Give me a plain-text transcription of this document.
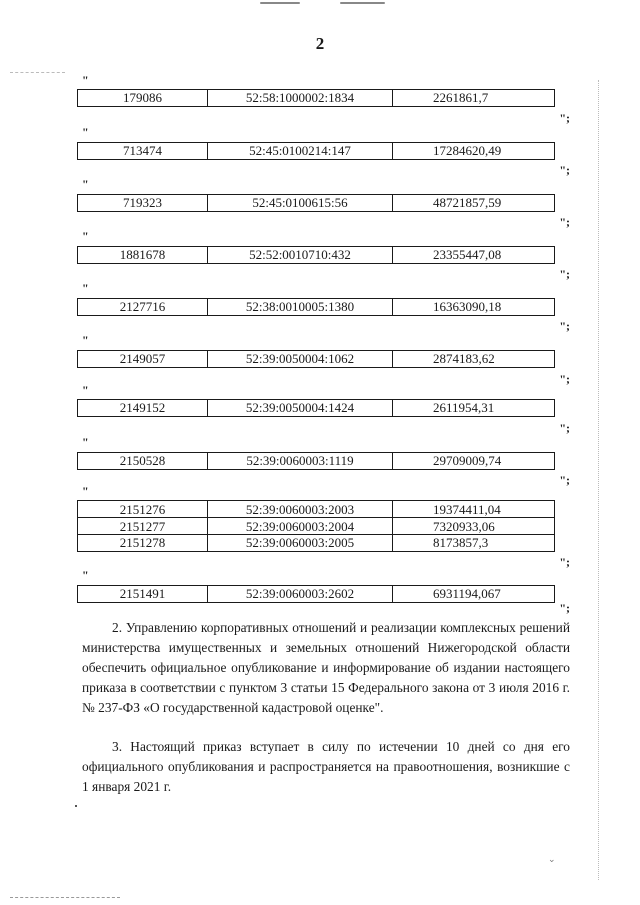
2
"
179086	52:58:1000002:1834	2261861,7
";
"
713474	52:45:0100214:147	17284620,49
";
"
719323	52:45:0100615:56	48721857,59
";
"
1881678	52:52:0010710:432	23355447,08
";
"
2127716	52:38:0010005:1380	16363090,18
";
"
2149057	52:39:0050004:1062	2874183,62
";
"
2149152	52:39:0050004:1424	2611954,31
";
"
2150528	52:39:0060003:1119	29709009,74
";
"
2151276	52:39:0060003:2003	19374411,04
2151277	52:39:0060003:2004	7320933,06
2151278	52:39:0060003:2005	8173857,3
";
"
2151491	52:39:0060003:2602	6931194,067
";

2. Управлению корпоративных отношений и реализации комплексных решений министерства имущественных и земельных отношений Нижегородской области обеспечить официальное опубликование и информирование об издании настоящего приказа в соответствии с пунктом 3 статьи 15 Федерального закона от 3 июля 2016 г. № 237-ФЗ «О государственной кадастровой оценке".

3. Настоящий приказ вступает в силу по истечении 10 дней со дня его официального опубликования и распространяется на правоотношения, возникшие с 1 января 2021 г.

⌄
